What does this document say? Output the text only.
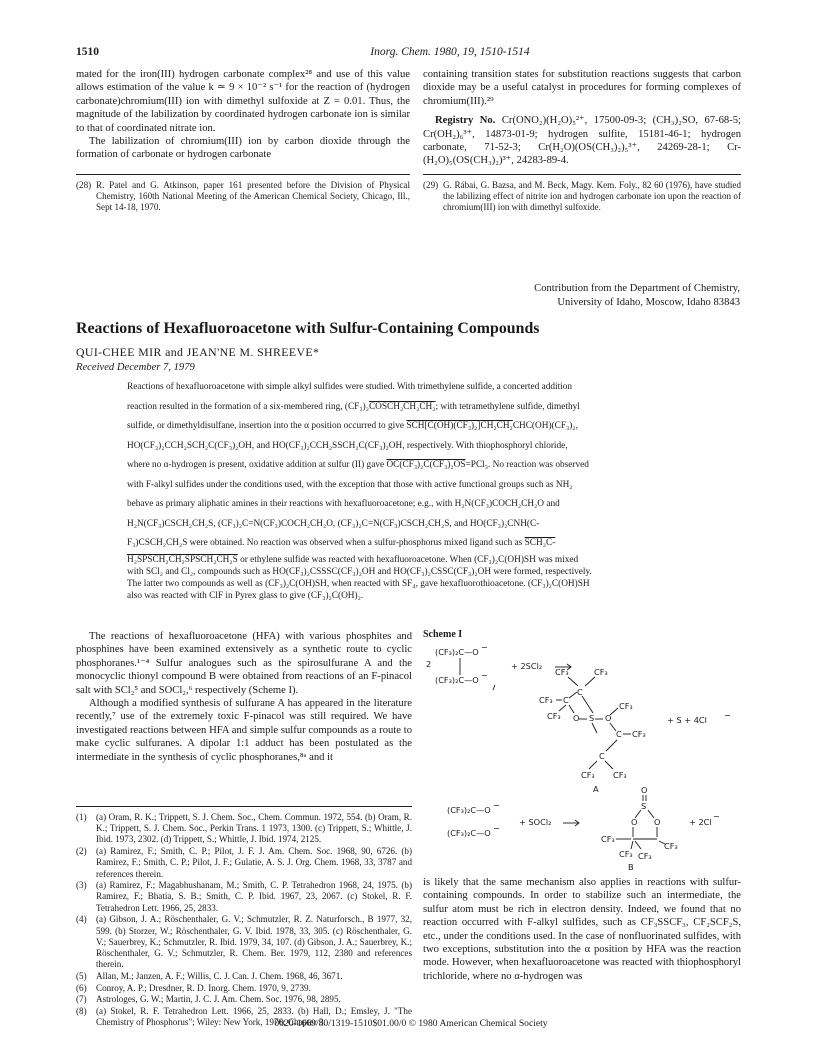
1510	Inorg. Chem. 1980, 19, 1510-1514

mated for the iron(III) hydrogen carbonate complex²⁸ and use of this value allows estimation of the value k ≃ 9 × 10⁻² s⁻¹ for the reaction of (hydrogen carbonate)chromium(III) ion with dimethyl sulfoxide at Z = 0.01. Thus, the magnitude of the labilization by coordinated hydrogen carbonate ion is similar to that of coordinated nitrate ion.

The labilization of chromium(III) ion by carbon dioxide through the formation of carbonate or hydrogen carbonate

containing transition states for substitution reactions suggests that carbon dioxide may be a useful catalyst in procedures for forming complexes of chromium(III).²⁹

Registry No. Cr(ONO₂)(H₂O)₅²⁺, 17500-09-3; (CH₃)₂SO, 67-68-5; Cr(OH₂)₆³⁺, 14873-01-9; hydrogen sulfite, 15181-46-1; hydrogen carbonate, 71-52-3; Cr(H₂O)(OS(CH₃)₂)₅³⁺, 24269-28-1; Cr-(H₂O)₅(OS(CH₃)₂)³⁺, 24283-89-4.

(28) R. Patel and G. Atkinson, paper 161 presented before the Division of Physical Chemistry, 160th National Meeting of the American Chemical Society, Chicago, Ill., Sept 14-18, 1970.
(29) G. Rábai, G. Bazsa, and M. Beck, Magy. Kem. Foly., 82 60 (1976), have studied the labilizing effect of nitrite ion and hydrogen carbonate ion upon the reaction of chromium(III) ion with dimethyl sulfoxide.
Contribution from the Department of Chemistry,
University of Idaho, Moscow, Idaho 83843
Reactions of Hexafluoroacetone with Sulfur-Containing Compounds
QUI-CHEE MIR and JEAN'NE M. SHREEVE*
Received December 7, 1979
Reactions of hexafluoroacetone with simple alkyl sulfides were studied. With trimethylene sulfide, a concerted addition
reaction resulted in the formation of a six-membered ring, (CF₃)₂COSCH₂CH₂CH₂; with tetramethylene sulfide, dimethyl
sulfide, or dimethyldisulfane, insertion into the α position occurred to give SCH[C(OH)(CF₃)₂]CH₂CH₂CHC(OH)(CF₃)₂,
HO(CF₃)₂CCH₂SCH₂C(CF₃)₂OH, and HO(CF₃)₂CCH₂SSCH₂C(CF₃)₂OH, respectively. With thiophosphoryl chloride,
where no α-hydrogen is present, oxidative addition at sulfur (II) gave OC(CF₃)₂C(CF₃)₂OS=PCl₃. No reaction was observed
with F-alkyl sulfides under the conditions used, with the exception that those with active functional groups such as NH₂
behave as primary aliphatic amines in their reactions with hexafluoroacetone; e.g., with H₂N(CF₃)COCH₂CH₂O and
H₂N(CF₃)CSCH₂CH₂S, (CF₃)₂C=N(CF₃)COCH₂CH₂O, (CF₃)₂C=N(CF₃)CSCH₂CH₂S, and HO(CF₃)₂CNH(C-
F₃)CSCH₂CH₂S were obtained. No reaction was observed when a sulfur-phosphorus mixed ligand such as SCH₂C-
H₂SPSCH₂CH₂SPSCH₂CH₂S or ethylene sulfide was reacted with hexafluoroacetone. When (CF₃)₂C(OH)SH was mixed
with SCl₂ and Cl₂, compounds such as HO(CF₃)₂CSSSC(CF₃)₂OH and HO(CF₃)₂CSSC(CF₃)₂OH were formed, respectively.
The latter two compounds as well as (CF₃)₂C(OH)SH, when reacted with SF₄, gave hexafluorothioacetone. (CF₃)₂C(OH)SH
also was reacted with ClF in Pyrex glass to give (CF₃)₂C(OH)₂.

The reactions of hexafluoroacetone (HFA) with various phosphites and phosphines have been examined extensively as a synthetic route to cyclic phosphoranes.¹⁻⁴ Sulfur analogues such as the spirosulfurane A and the monocyclic thionyl compound B were obtained from reactions of an F-pinacol salt with SCl₂⁵ and SOCl₂,⁶ respectively (Scheme I).

Although a modified synthesis of sulfurane A has appeared in the literature recently,⁷ use of the extremely toxic F-pinacol was still required. We have investigated reactions between HFA and simple sulfur compounds as a route to make cyclic sulfuranes. A dipolar 1:1 adduct has been postulated as the intermediate in the synthesis of cyclic phosphoranes,⁸ᵃ and it

(1)	(a) Oram, R. K.; Trippett, S. J. Chem. Soc., Chem. Commun. 1972, 554. (b) Oram, R. K.; Trippett, S. J. Chem. Soc., Perkin Trans. 1 1973, 1300. (c) Trippett, S.; Whittle, J. Ibid. 1973, 2302. (d) Trippett, S.; Whittle, J. Ibid. 1974, 2125.
(2)	(a) Ramirez, F.; Smith, C. P.; Pilot, J. F. J. Am. Chem. Soc. 1968, 90, 6726. (b) Ramirez, F.; Smith, C. P.; Pilot, J. F.; Gulatie, A. S. J. Org. Chem. 1968, 33, 3787 and references therein.
(3)	(a) Ramirez, F.; Magabhushanam, M.; Smith, C. P. Tetrahedron 1968, 24, 1975. (b) Ramirez, F.; Bhatia, S. B.; Smith, C. P. Ibid. 1967, 23, 2067. (c) Stokel, R. F. Tetrahedron Lett. 1966, 25, 2833.
(4)	(a) Gibson, J. A.; Röschenthaler, G. V.; Schmutzler, R. Z. Naturforsch., B 1977, 32, 599. (b) Storzer, W.; Röschenthaler, G. V. Ibid. 1978, 33, 305. (c) Röschenthaler, G. V.; Sauerbrey, K.; Schmutzler, R. Ibid. 1979, 34, 107. (d) Gibson, J. A.; Sauerbrey, K.; Röschenthaler, G. V.; Schmutzler, R. Chem. Ber. 1979, 112, 2380 and references therein.
(5)	Allan, M.; Janzen, A. F.; Willis, C. J. Can. J. Chem. 1968, 46, 3671.
(6)	Conroy, A. P.; Dresdner, R. D. Inorg. Chem. 1970, 9, 2739.
(7)	Astrologes, G. W.; Martin, J. C. J. Am. Chem. Soc. 1976, 98, 2895.
(8)	(a) Stokel, R. F. Tetrahedron Lett. 1966, 25, 2833. (b) Hall, D.; Emsley, J. "The Chemistry of Phosphorus"; Wiley: New York, 1976; Chapter 3.
Scheme I
(CF₃)₂C—O −
2
(CF₃)₂C—O −
+ 2SCl₂
CF₃	CF₃
C
CF₃ C
CF₃ O S O
CF₃
C CF₃
C
CF₃ CF₃
+ S + 4Cl −
A
(CF₃)₂C—O −
(CF₃)₂C—O −
+ SOCl₂
O
S
O O
CF₃
CF₃
CF₃ CF₃
+ 2Cl
−
B

is likely that the same mechanism also applies in reactions with sulfur-containing compounds. In order to stabilize such an intermediate, the sulfur atom must be rich in electron density. Indeed, we found that no reaction occurred with F-alkyl sulfides, such as CF₃SSCF₃, CF₂SCF₂S, etc., under the conditions used. In the case of nonfluorinated sulfides, with two exceptions, substitution into the α position by HFA was the reaction mode. However, when hexafluoroacetone was reacted with thiophosphoryl trichloride, where no α-hydrogen was

0020-1669/80/1319-1510$01.00/0 © 1980 American Chemical Society
